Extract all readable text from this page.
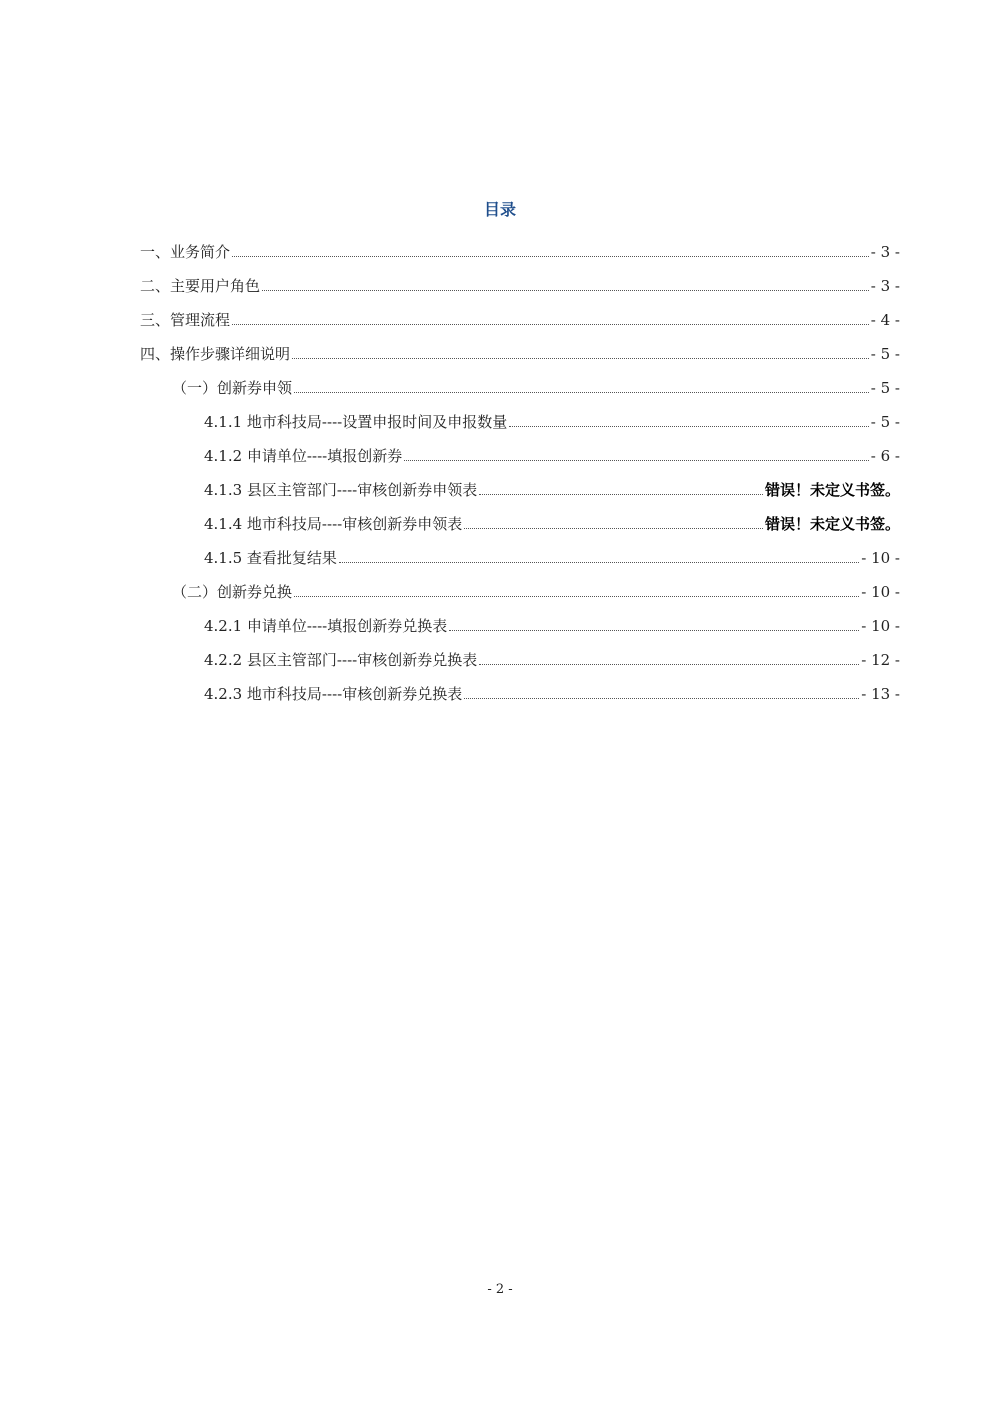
目录
一、业务简介	- 3 -
二、主要用户角色	- 3 -
三、管理流程	- 4 -
四、操作步骤详细说明	- 5 -
（一）创新券申领	- 5 -
4.1.1 地市科技局----设置申报时间及申报数量	- 5 -
4.1.2 申请单位----填报创新券	- 6 -
4.1.3 县区主管部门----审核创新券申领表	错误！未定义书签。
4.1.4 地市科技局----审核创新券申领表	错误！未定义书签。
4.1.5 查看批复结果	- 10 -
（二）创新券兑换	- 10 -
4.2.1 申请单位----填报创新券兑换表	- 10 -
4.2.2 县区主管部门----审核创新券兑换表	- 12 -
4.2.3 地市科技局----审核创新券兑换表	- 13 -
- 2 -
